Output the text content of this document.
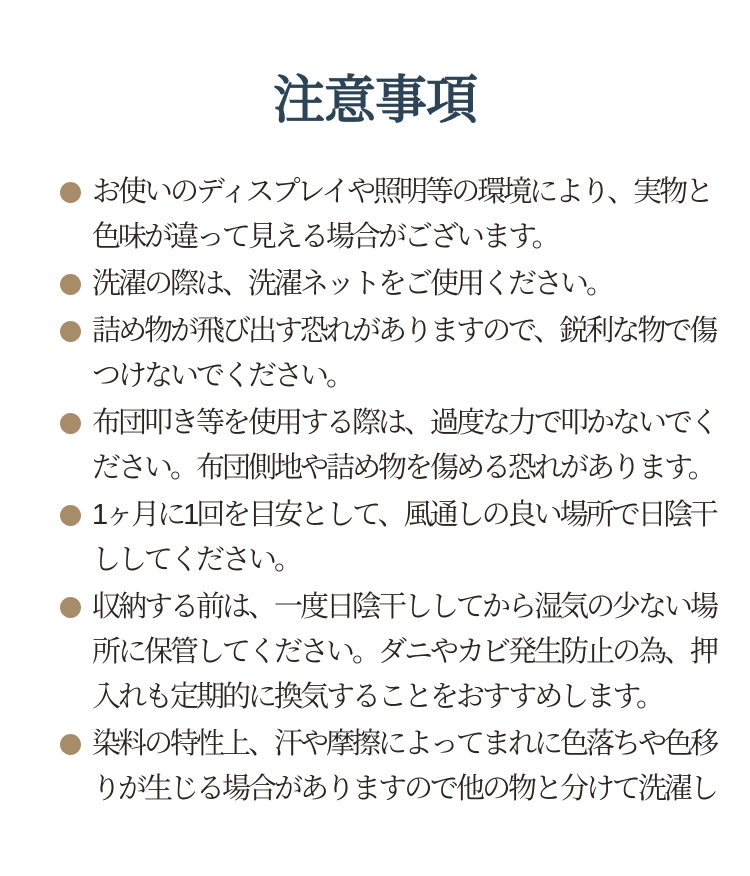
注意事項
お使いのディスプレイや照明等の環境により、実物と
色味が違って見える場合がございます。
洗濯の際は、洗濯ネットをご使用ください。
詰め物が飛び出す恐れがありますので、鋭利な物で傷
つけないでください。
布団叩き等を使用する際は、過度な力で叩かないでく
ださい。布団側地や詰め物を傷める恐れがあります。
1ヶ月に1回を目安として、風通しの良い場所で日陰干
ししてください。
収納する前は、一度日陰干ししてから湿気の少ない場
所に保管してください。ダニやカビ発生防止の為、押
入れも定期的に換気することをおすすめします。
染料の特性上、汗や摩擦によってまれに色落ちや色移
りが生じる場合がありますので他の物と分けて洗濯し
